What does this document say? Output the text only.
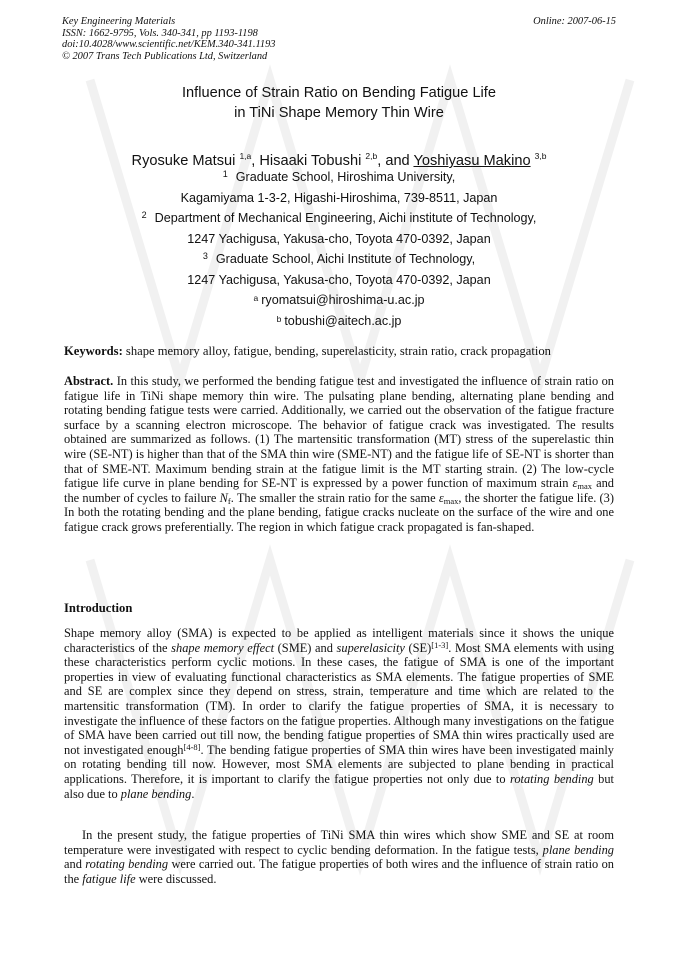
Key Engineering Materials
ISSN: 1662-9795, Vols. 340-341, pp 1193-1198
doi:10.4028/www.scientific.net/KEM.340-341.1193
© 2007 Trans Tech Publications Ltd, Switzerland
Online: 2007-06-15
Influence of Strain Ratio on Bending Fatigue Life
in TiNi Shape Memory Thin Wire
Ryosuke Matsui $^{1,a}$, Hisaaki Tobushi $^{2,b}$, and Yoshiyasu Makino $^{3,b}$
$^1$ Graduate School, Hiroshima University,
Kagamiyama 1-3-2, Higashi-Hiroshima, 739-8511, Japan
$^2$ Department of Mechanical Engineering, Aichi institute of Technology,
1247 Yachigusa, Yakusa-cho, Toyota 470-0392, Japan
$^3$ Graduate School, Aichi Institute of Technology,
1247 Yachigusa, Yakusa-cho, Toyota 470-0392, Japan
$^a$ ryomatsui@hiroshima-u.ac.jp
$^b$ tobushi@aitech.ac.jp
Keywords: shape memory alloy, fatigue, bending, superelasticity, strain ratio, crack propagation

Abstract. In this study, we performed the bending fatigue test and investigated the influence of strain ratio on fatigue life in TiNi shape memory thin wire. The pulsating plane bending, alternating plane bending and rotating bending fatigue tests were carried. Additionally, we carried out the observation of the fatigue fracture surface by a scanning electron microscope. The behavior of fatigue crack was investigated. The results obtained are summarized as follows. (1) The martensitic transformation (MT) stress of the superelastic thin wire (SE-NT) is higher than that of the SMA thin wire (SME-NT) and the fatigue life of SE-NT is shorter than that of SME-NT. Maximum bending strain at the fatigue limit is the MT starting strain. (2) The low-cycle fatigue life curve in plane bending for SE-NT is expressed by a power function of maximum strain $\varepsilon_{max}$ and the number of cycles to failure $N_f$. The smaller the strain ratio for the same $\varepsilon_{max}$, the shorter the fatigue life. (3) In both the rotating bending and the plane bending, fatigue cracks nucleate on the surface of the wire and one fatigue crack grows preferentially. The region in which fatigue crack propagated is fan-shaped.

Introduction

Shape memory alloy (SMA) is expected to be applied as intelligent materials since it shows the unique characteristics of the shape memory effect (SME) and superelasicity (SE)[1-3]. Most SMA elements with using these characteristics perform cyclic motions. In these cases, the fatigue of SMA is one of the important properties in view of evaluating functional characteristics as SMA elements. The fatigue properties of SME and SE are complex since they depend on stress, strain, temperature and time which are related to the martensitic transformation (TM). In order to clarify the fatigue properties of SMA, it is necessary to investigate the influence of these factors on the fatigue properties. Although many investigations on the fatigue of SMA have been carried out till now, the bending fatigue properties of SMA thin wires practically used are not investigated enough[4-8]. The bending fatigue properties of SMA thin wires have been investigated mainly on rotating bending till now. However, most SMA elements are subjected to plane bending in practical applications. Therefore, it is important to clarify the fatigue properties not only due to rotating bending but also due to plane bending.

In the present study, the fatigue properties of TiNi SMA thin wires which show SME and SE at room temperature were investigated with respect to cyclic bending deformation. In the fatigue tests, plane bending and rotating bending were carried out. The fatigue properties of both wires and the influence of strain ratio on the fatigue life were discussed.
